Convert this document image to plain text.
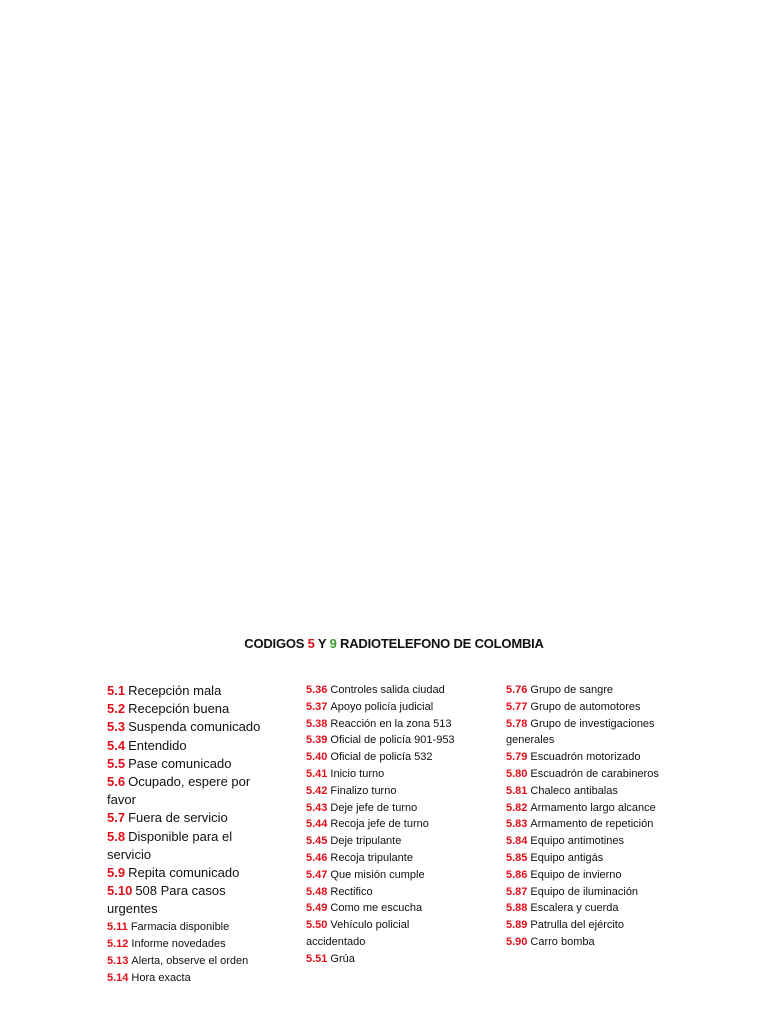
CODIGOS 5 Y 9 RADIOTELEFONO DE COLOMBIA

5.1 Recepción mala

5.2 Recepción buena

5.3 Suspenda comunicado

5.4 Entendido

5.5 Pase comunicado

5.6 Ocupado, espere por favor

5.7 Fuera de servicio

5.8 Disponible para el servicio

5.9 Repita comunicado

5.10 508 Para casos urgentes

5.11 Farmacia disponible

5.12 Informe novedades

5.13 Alerta, observe el orden

5.14 Hora exacta

5.36 Controles salida ciudad

5.37 Apoyo policía judicial

5.38 Reacción en la zona 513

5.39 Oficial de policía 901-953

5.40 Oficial de policía 532

5.41 Inicio turno

5.42 Finalizo turno

5.43 Deje jefe de turno

5.44 Recoja jefe de turno

5.45 Deje tripulante

5.46 Recoja tripulante

5.47 Que misión cumple

5.48 Rectifico

5.49 Como me escucha

5.50 Vehículo policial accidentado

5.51 Grúa

5.76 Grupo de sangre

5.77 Grupo de automotores

5.78 Grupo de investigaciones generales

5.79 Escuadrón motorizado

5.80 Escuadrón de carabineros

5.81 Chaleco antibalas

5.82 Armamento largo alcance

5.83 Armamento de repetición

5.84 Equipo antimotines

5.85 Equipo antigás

5.86 Equipo de invierno

5.87 Equipo de iluminación

5.88 Escalera y cuerda

5.89 Patrulla del ejército

5.90 Carro bomba
